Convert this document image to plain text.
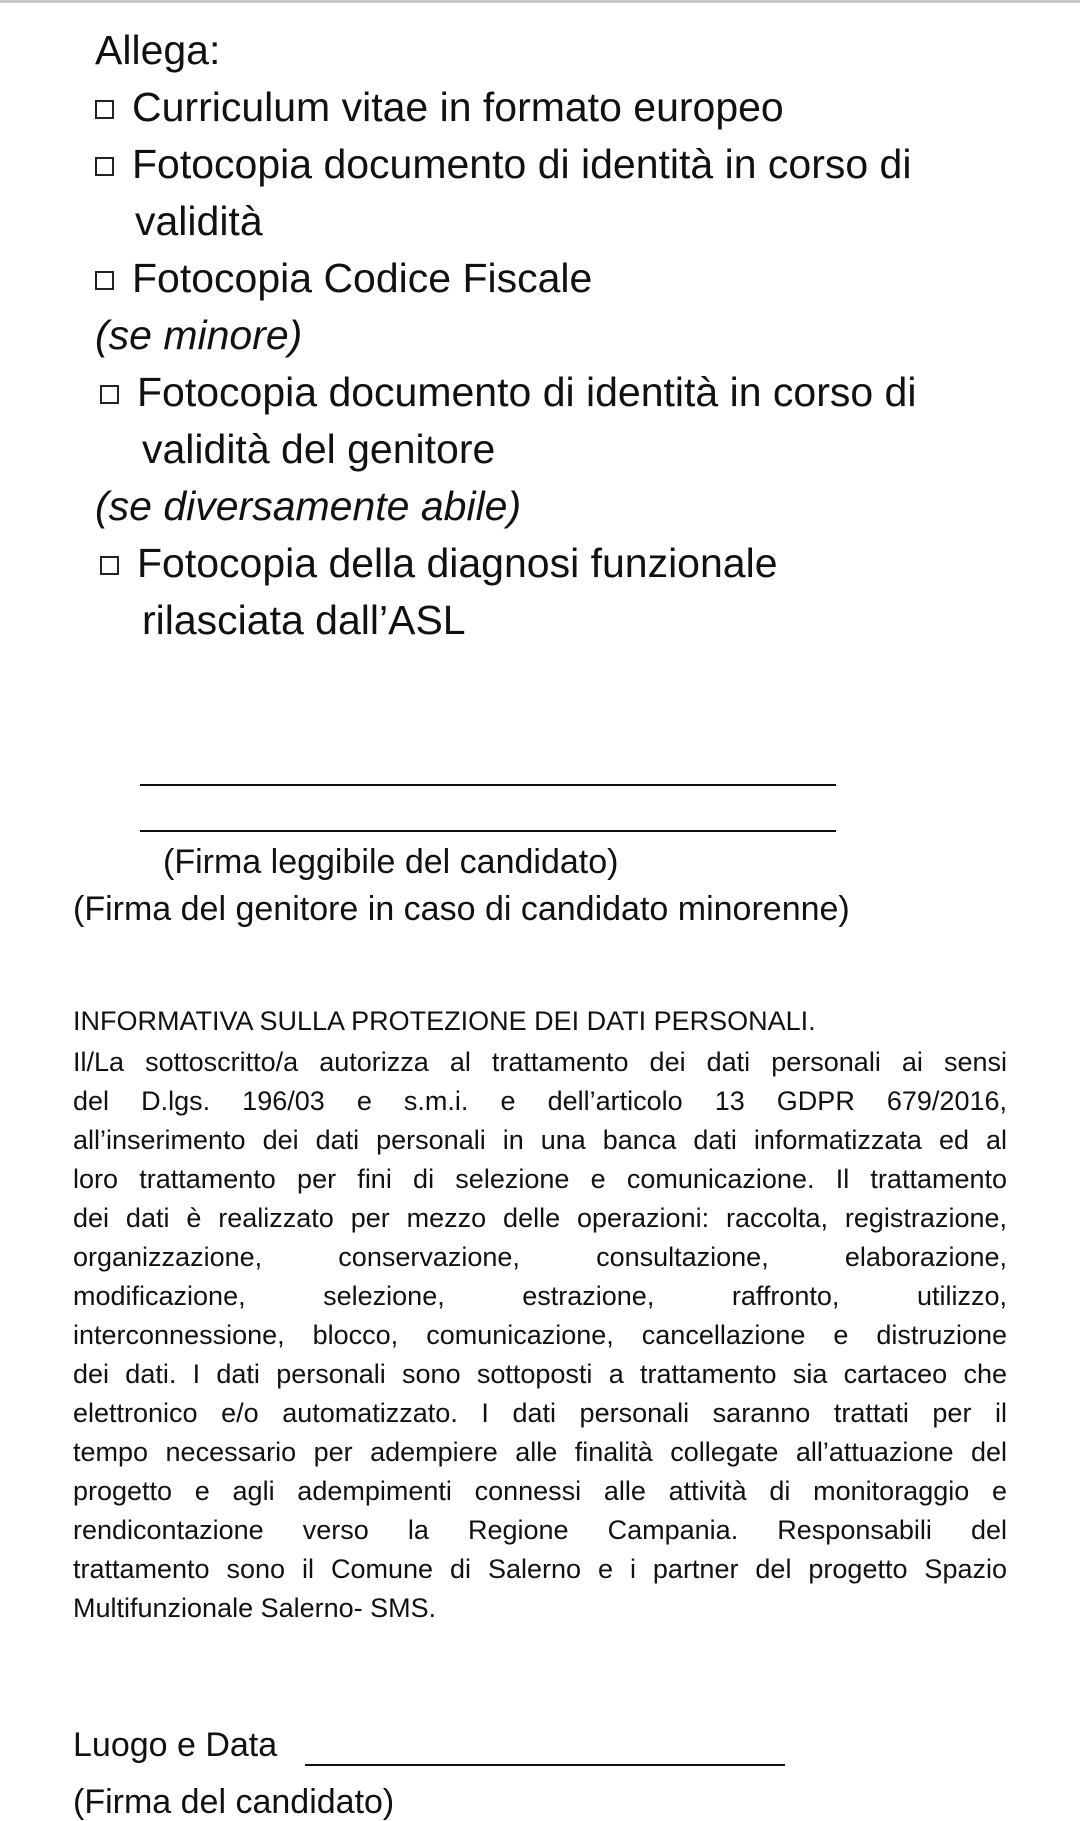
Allega:
Curriculum vitae in formato europeo
Fotocopia documento di identità in corso di
validità
Fotocopia Codice Fiscale
(se minore)
Fotocopia documento di identità in corso di
validità del genitore
(se diversamente abile)
Fotocopia della diagnosi funzionale
rilasciata dall’ASL
(Firma leggibile del candidato)
(Firma del genitore in caso di candidato minorenne)
INFORMATIVA SULLA PROTEZIONE DEI DATI PERSONALI.
Il/La sottoscritto/a autorizza al trattamento dei dati personali ai sensi
del D.lgs. 196/03 e s.m.i. e dell’articolo 13 GDPR 679/2016,
all’inserimento dei dati personali in una banca dati informatizzata ed al
loro trattamento per fini di selezione e comunicazione. Il trattamento
dei dati è realizzato per mezzo delle operazioni: raccolta, registrazione,
organizzazione, conservazione, consultazione, elaborazione,
modificazione, selezione, estrazione, raffronto, utilizzo,
interconnessione, blocco, comunicazione, cancellazione e distruzione
dei dati. I dati personali sono sottoposti a trattamento sia cartaceo che
elettronico e/o automatizzato. I dati personali saranno trattati per il
tempo necessario per adempiere alle finalità collegate all’attuazione del
progetto e agli adempimenti connessi alle attività di monitoraggio e
rendicontazione verso la Regione Campania. Responsabili del
trattamento sono il Comune di Salerno e i partner del progetto Spazio
Multifunzionale Salerno- SMS.
Luogo e Data
(Firma del candidato)
